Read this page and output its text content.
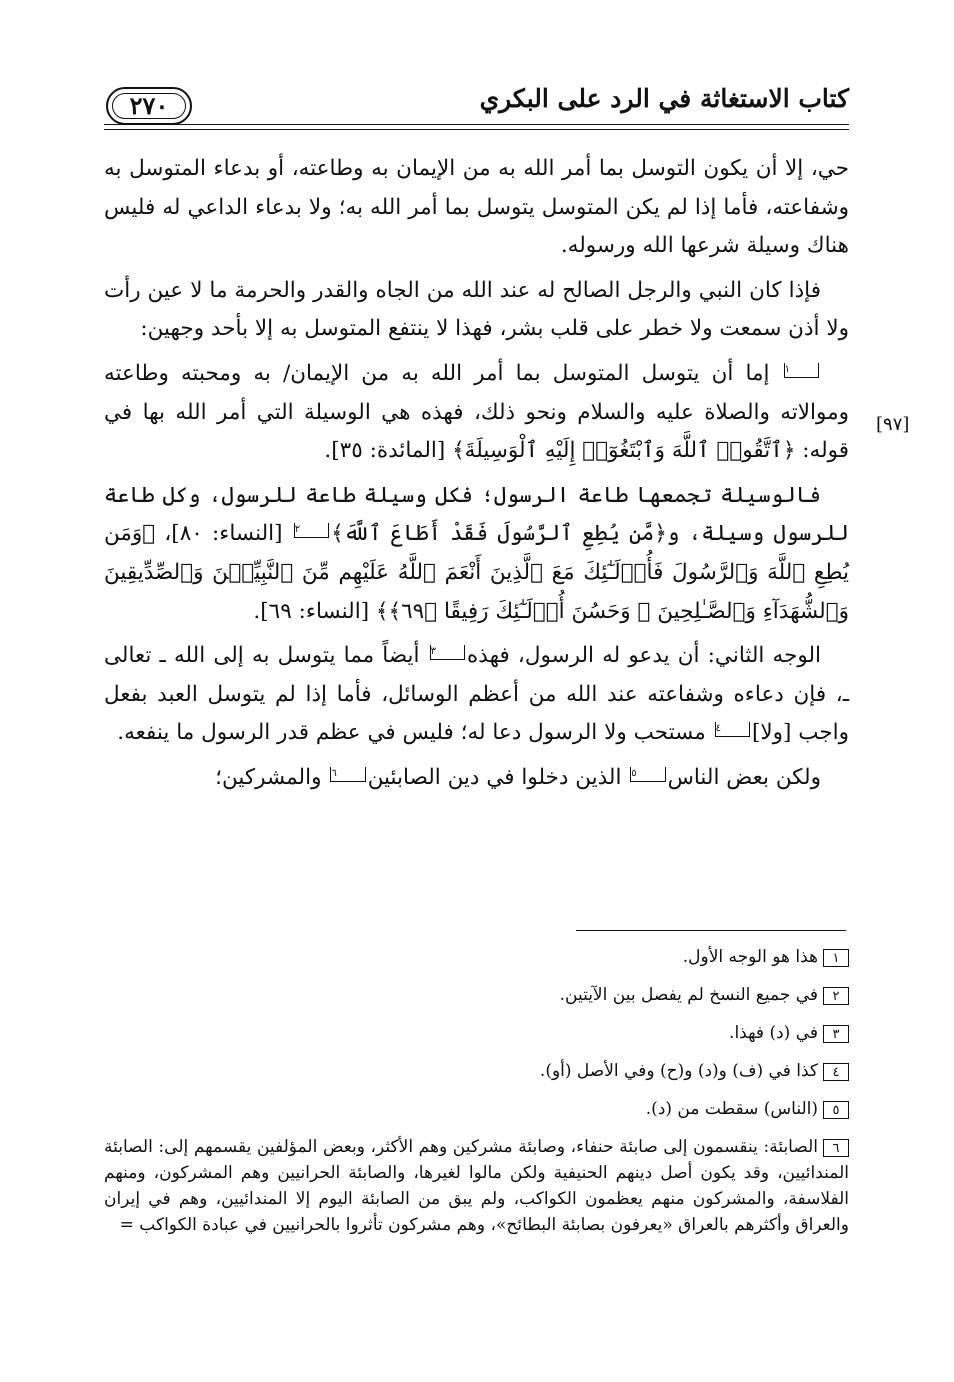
كتاب الاستغاثة في الرد على البكري
٢٧٠
[٩٧]

حي، إلا أن يكون التوسل بما أمر الله به من الإيمان به وطاعته، أو بدعاء المتوسل به وشفاعته، فأما إذا لم يكن المتوسل يتوسل بما أمر الله به؛ ولا بدعاء الداعي له فليس هناك وسيلة شرعها الله ورسوله.

فإذا كان النبي والرجل الصالح له عند الله من الجاه والقدر والحرمة ما لا عين رأت ولا أذن سمعت ولا خطر على قلب بشر، فهذا لا ينتفع المتوسل به إلا بأحد وجهين:

١ إما أن يتوسل المتوسل بما أمر الله به من الإيمان/ به ومحبته وطاعته وموالاته والصلاة عليه والسلام ونحو ذلك، فهذه هي الوسيلة التي أمر الله بها في قوله: ﴿ٱتَّقُوا۟ ٱللَّهَ وَٱبْتَغُوٓا۟ إِلَيْهِ ٱلْوَسِيلَةَ﴾ [المائدة: ٣٥].

فالوسيلة تجمعها طاعة الرسول؛ فكل وسيلة طاعة للرسول، وكل طاعة للرسول وسيلة، و﴿مَّن يُطِعِ ٱلرَّسُولَ فَقَدْ أَطَاعَ ٱللَّهَ﴾٢ [النساء: ٨٠]، ﴿وَمَن يُطِعِ ٱللَّهَ وَٱلرَّسُولَ فَأُو۟لَـٰٓئِكَ مَعَ ٱلَّذِينَ أَنْعَمَ ٱللَّهُ عَلَيْهِم مِّنَ ٱلنَّبِيِّـۧنَ وَٱلصِّدِّيقِينَ وَٱلشُّهَدَآءِ وَٱلصَّـٰلِحِينَ ۚ وَحَسُنَ أُو۟لَـٰٓئِكَ رَفِيقًا ﴿٦٩﴾﴾ [النساء: ٦٩].

الوجه الثاني: أن يدعو له الرسول، فهذه٣ أيضاً مما يتوسل به إلى الله ـ تعالى ـ، فإن دعاءه وشفاعته عند الله من أعظم الوسائل، فأما إذا لم يتوسل العبد بفعل واجب [ولا]٤ مستحب ولا الرسول دعا له؛ فليس في عظم قدر الرسول ما ينفعه.

ولكن بعض الناس٥ الذين دخلوا في دين الصابئين٦ والمشركين؛

١هذا هو الوجه الأول.

٢في جميع النسخ لم يفصل بين الآيتين.

٣في (د) فهذا.

٤كذا في (ف) و(د) و(ح) وفي الأصل (أو).

٥(الناس) سقطت من (د).

٦الصابئة: ينقسمون إلى صابئة حنفاء، وصابئة مشركين وهم الأكثر، وبعض المؤلفين يقسمهم إلى: الصابئة المندائيين، وقد يكون أصل دينهم الحنيفية ولكن مالوا لغيرها، والصابئة الحرانيين وهم المشركون، ومنهم الفلاسفة، والمشركون منهم يعظمون الكواكب، ولم يبق من الصابئة اليوم إلا المندائيين، وهم في إيران والعراق وأكثرهم بالعراق «يعرفون بصابئة البطائح»، وهم مشركون تأثروا بالحرانيين في عبادة الكواكب =
